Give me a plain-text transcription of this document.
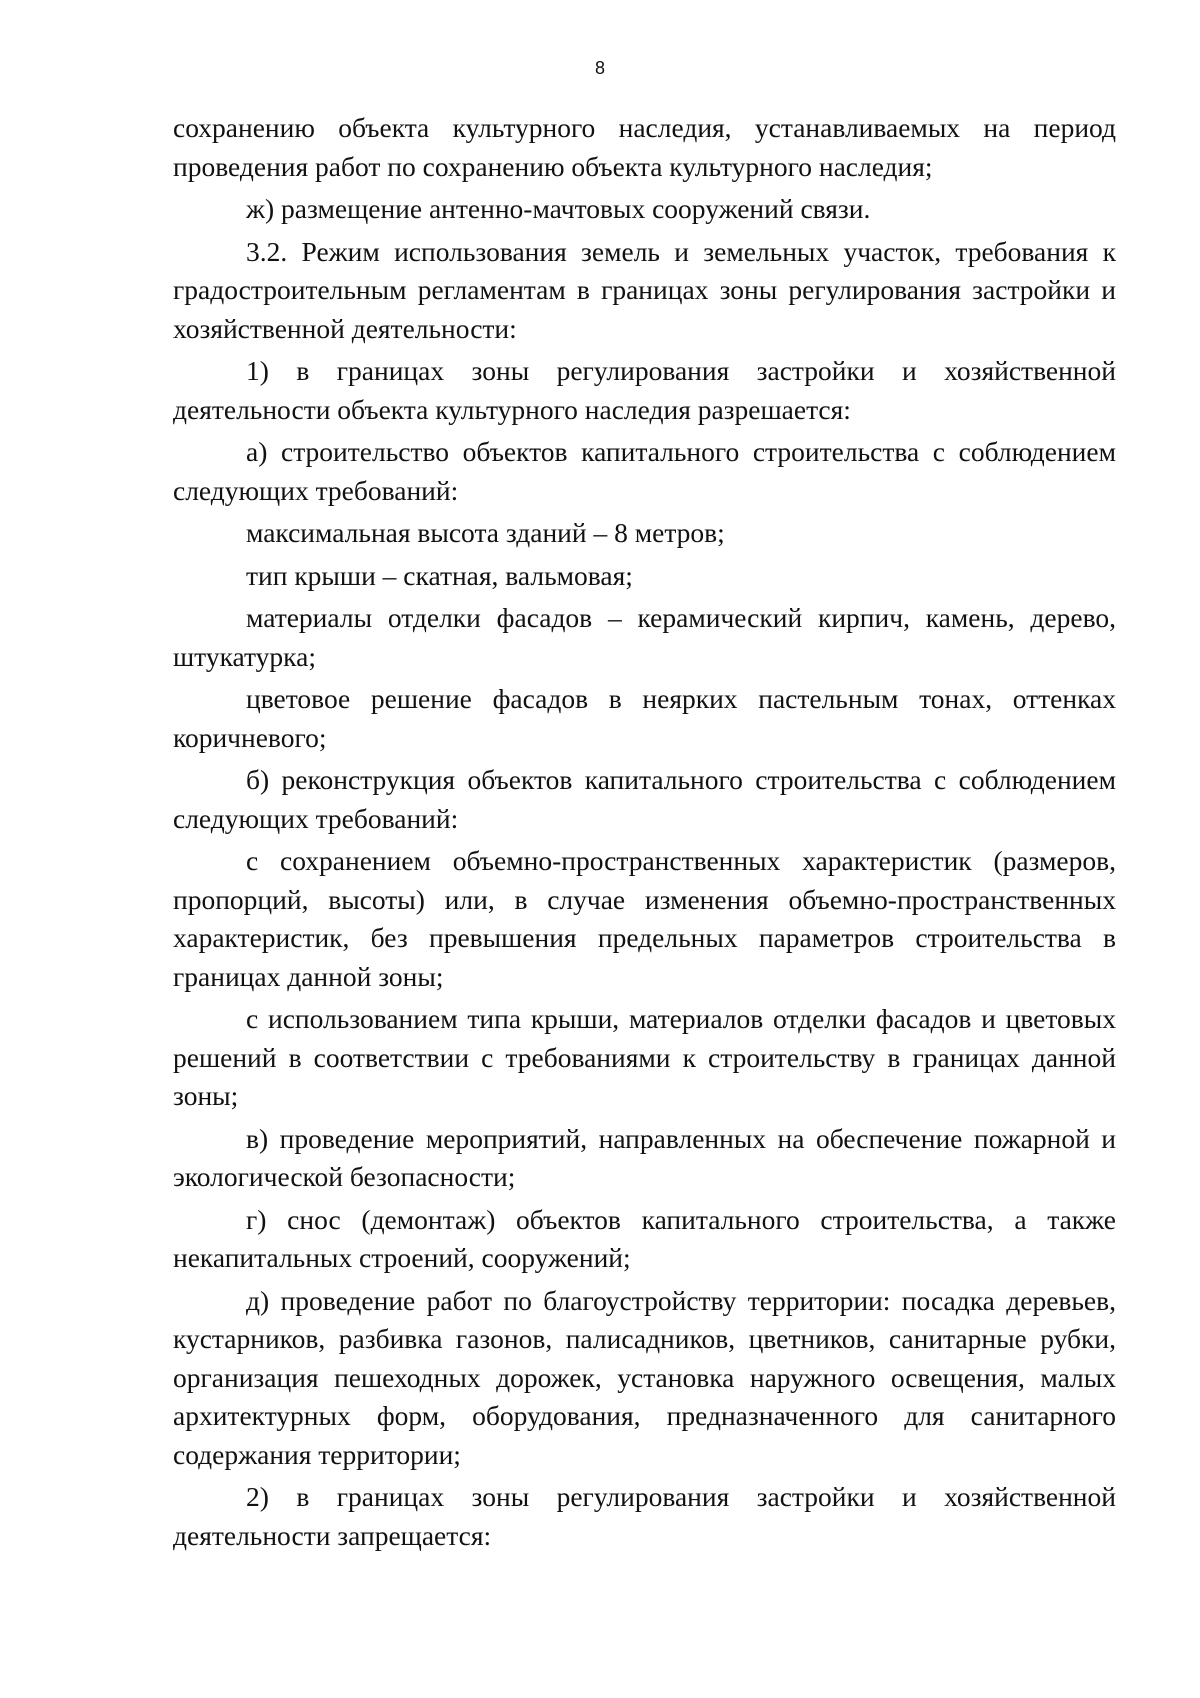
8

сохранению объекта культурного наследия, устанавливаемых на период проведения работ по сохранению объекта культурного наследия;

ж) размещение антенно-мачтовых сооружений связи.

3.2. Режим использования земель и земельных участок, требования к градостроительным регламентам в границах зоны регулирования застройки и хозяйственной деятельности:

1) в границах зоны регулирования застройки и хозяйственной деятельности объекта культурного наследия разрешается:

а) строительство объектов капитального строительства с соблюдением следующих требований:

максимальная высота зданий – 8 метров;

тип крыши – скатная, вальмовая;

материалы отделки фасадов – керамический кирпич, камень, дерево, штукатурка;

цветовое решение фасадов в неярких пастельным тонах, оттенках коричневого;

б) реконструкция объектов капитального строительства с соблюдением следующих требований:

с сохранением объемно-пространственных характеристик (размеров, пропорций, высоты) или, в случае изменения объемно-пространственных характеристик, без превышения предельных параметров строительства в границах данной зоны;

с использованием типа крыши, материалов отделки фасадов и цветовых решений в соответствии с требованиями к строительству в границах данной зоны;

в) проведение мероприятий, направленных на обеспечение пожарной и экологической безопасности;

г) снос (демонтаж) объектов капитального строительства, а также некапитальных строений, сооружений;

д) проведение работ по благоустройству территории: посадка деревьев, кустарников, разбивка газонов, палисадников, цветников, санитарные рубки, организация пешеходных дорожек, установка наружного освещения, малых архитектурных форм, оборудования, предназначенного для санитарного содержания территории;

2) в границах зоны регулирования застройки и хозяйственной деятельности запрещается:
